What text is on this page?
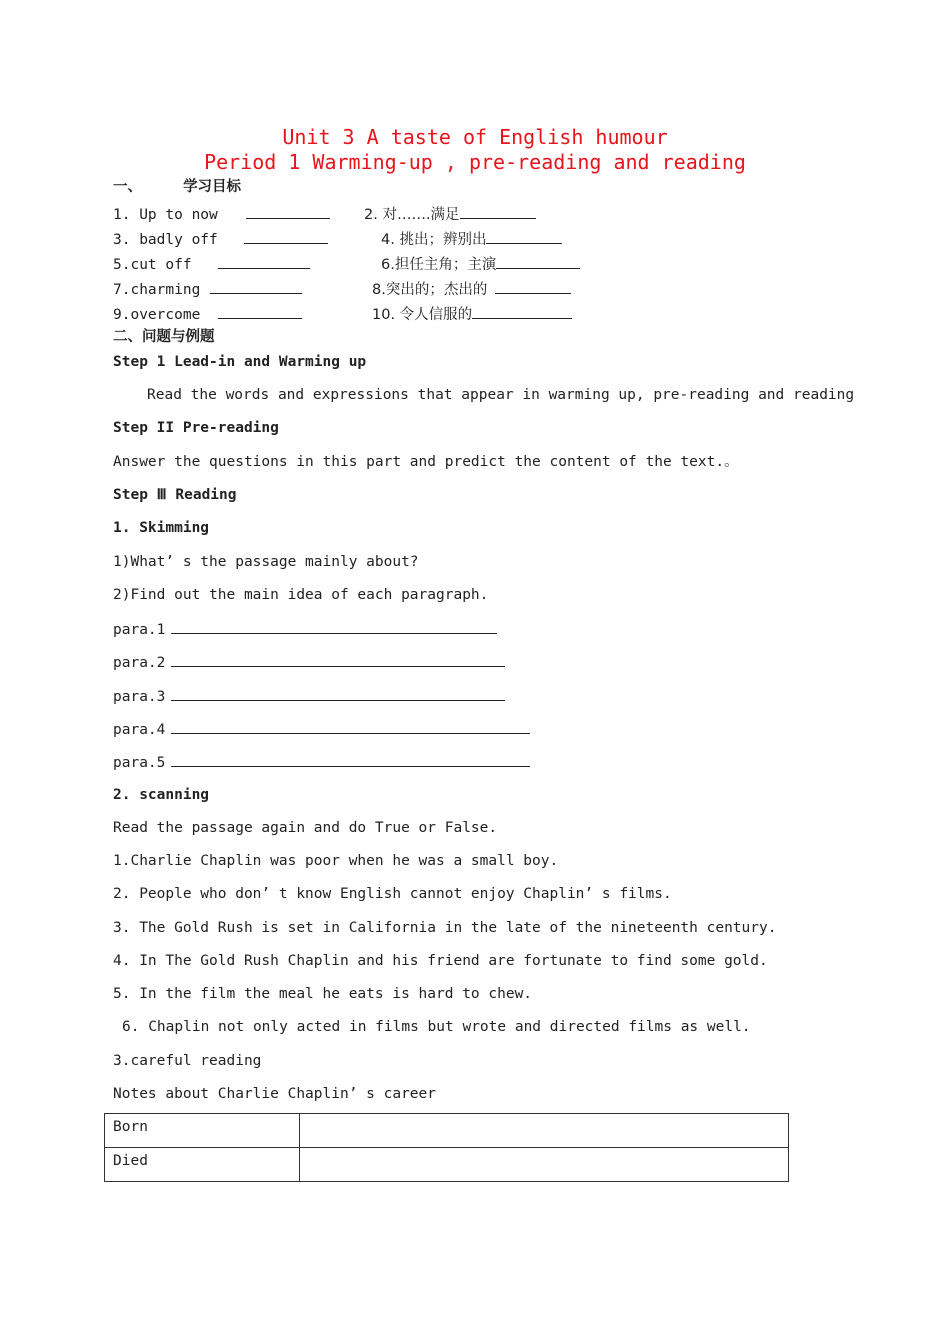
Unit 3 A taste of English humour
Period 1 Warming-up , pre-reading and reading
一、	学习目标
1. Up to now	2. 对…….满足
3. badly off	4. 挑出；辨别出
5.cut off	6.担任主角；主演
7.charming	8.突出的；杰出的
9.overcome	10. 令人信服的
二、问题与例题
Step 1 Lead-in and Warming up
Read the words and expressions that appear in warming up, pre-reading and reading
Step II Pre-reading
Answer the questions in this part and predict the content of the text.。
Step Ⅲ Reading
1. Skimming
1)What’ s the passage mainly about?
2)Find out the main idea of each paragraph.
para.1
para.2
para.3
para.4
para.5
2. scanning
Read the passage again and do True or False.
1.Charlie Chaplin was poor when he was a small boy.
2. People who don’ t know English cannot enjoy Chaplin’ s films.
3. The Gold Rush is set in California in the late of the nineteenth century.
4. In The Gold Rush Chaplin and his friend are fortunate to find some gold.
5. In the film the meal he eats is hard to chew.
6. Chaplin not only acted in films but wrote and directed films as well.
3.careful reading
Notes about Charlie Chaplin’ s career
Born	
Died	
